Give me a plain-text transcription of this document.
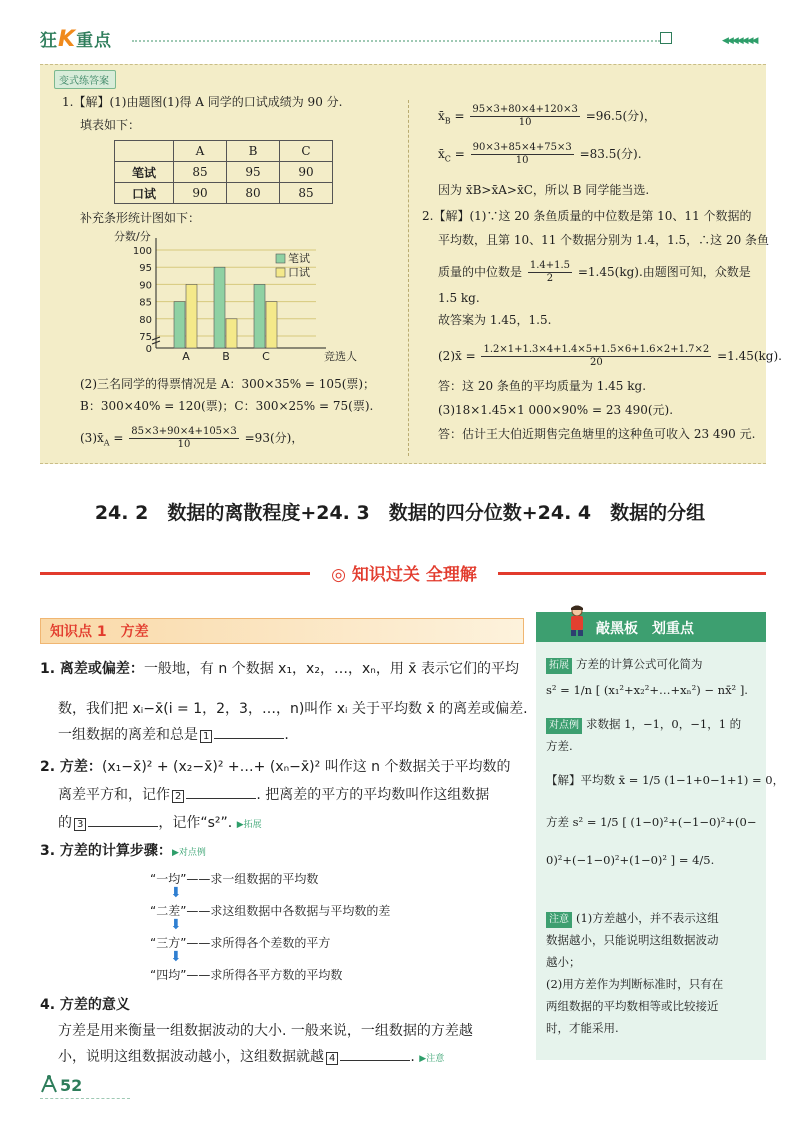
狂K重点	◀◀◀◀◀◀◀
变式练答案
1.【解】(1)由题图(1)得 A 同学的口试成绩为 90 分.
填表如下：
	A	B	C
笔试	85	95	90
口试	90	80	85
补充条形统计图如下：
分数/分
0
75
80
85
90
95
100
A	B	C	竞选人
笔试
口试
(2)三名同学的得票情况是 A：300×35% = 105(票)；
B：300×40% = 120(票)；C：300×25% = 75(票).
$(3)x̄_A = \frac{85\times 3+90\times 4+105\times 3}{10} =93$(分)，
$x̄_B = \frac{95\times 3+80\times 4+120\times 3}{10} =96.5$(分)，
$x̄_C = \frac{90\times 3+85\times 4+75\times 3}{10} =83.5$(分).
因为 x̄B>x̄A>x̄C，所以 B 同学能当选.
2.【解】(1)∵这 20 条鱼质量的中位数是第 10、11 个数据的
平均数，且第 10、11 个数据分别为 1.4，1.5，∴这 20 条鱼
质量的中位数是 $\frac{1.4+1.5}{2} =1.45(kg)$.由题图可知，众数是
1.5 kg.
故答案为 1.45，1.5.
(2)x̄ = $\frac{1.2\times 1+1.3\times 4+1.4\times 5+1.5\times 6+1.6\times 2+1.7\times 2}{20} =1.45(kg)$.
答：这 20 条鱼的平均质量为 1.45 kg.
(3)18×1.45×1 000×90% = 23 490(元).
答：估计王大伯近期售完鱼塘里的这种鱼可收入 23 490 元.
24. 2　数据的离散程度+24. 3　数据的四分位数+24. 4　数据的分组
◎ 知识过关 全理解
知识点 1　方差
1. 离差或偏差：一般地，有 n 个数据 x₁，x₂，…，xₙ，用 x̄ 表示它们的平均
数，我们把 xᵢ−x̄(i = 1，2，3，…，n)叫作 xᵢ 关于平均数 x̄ 的离差或偏差.
一组数据的离差和总是 1	.
2. 方差：(x₁−x̄)² + (x₂−x̄)² +…+ (xₙ−x̄)² 叫作这 n 个数据关于平均数的
离差平方和，记作 2	. 把离差的平方的平均数叫作这组数据
的 3	，记作“s²”. ▶拓展
3. 方差的计算步骤：▶对点例
“一均”——求一组数据的平均数
⬇
“二差”——求这组数据中各数据与平均数的差
⬇
“三方”——求所得各个差数的平方
⬇
“四均”——求所得各平方数的平均数
4. 方差的意义
方差是用来衡量一组数据波动的大小. 一般来说，一组数据的方差越
小，说明这组数据波动越小，这组数据就越 4	. ▶注意
敲黑板　划重点
拓展 方差的计算公式可化简为
s² = 1/n [ (x₁²+x₂²+…+xₙ²) − nx̄² ].
对点例 求数据 1，−1，0，−1，1 的
方差.
【解】平均数 x̄ = 1/5 (1−1+0−1+1) = 0，
方差 s² = 1/5 [ (1−0)²+(−1−0)²+(0−
0)²+(−1−0)²+(1−0)² ] = 4/5.
注意 (1)方差越小，并不表示这组
数据越小，只能说明这组数据波动
越小；
(2)用方差作为判断标准时，只有在
两组数据的平均数相等或比较接近
时，才能采用.
52
